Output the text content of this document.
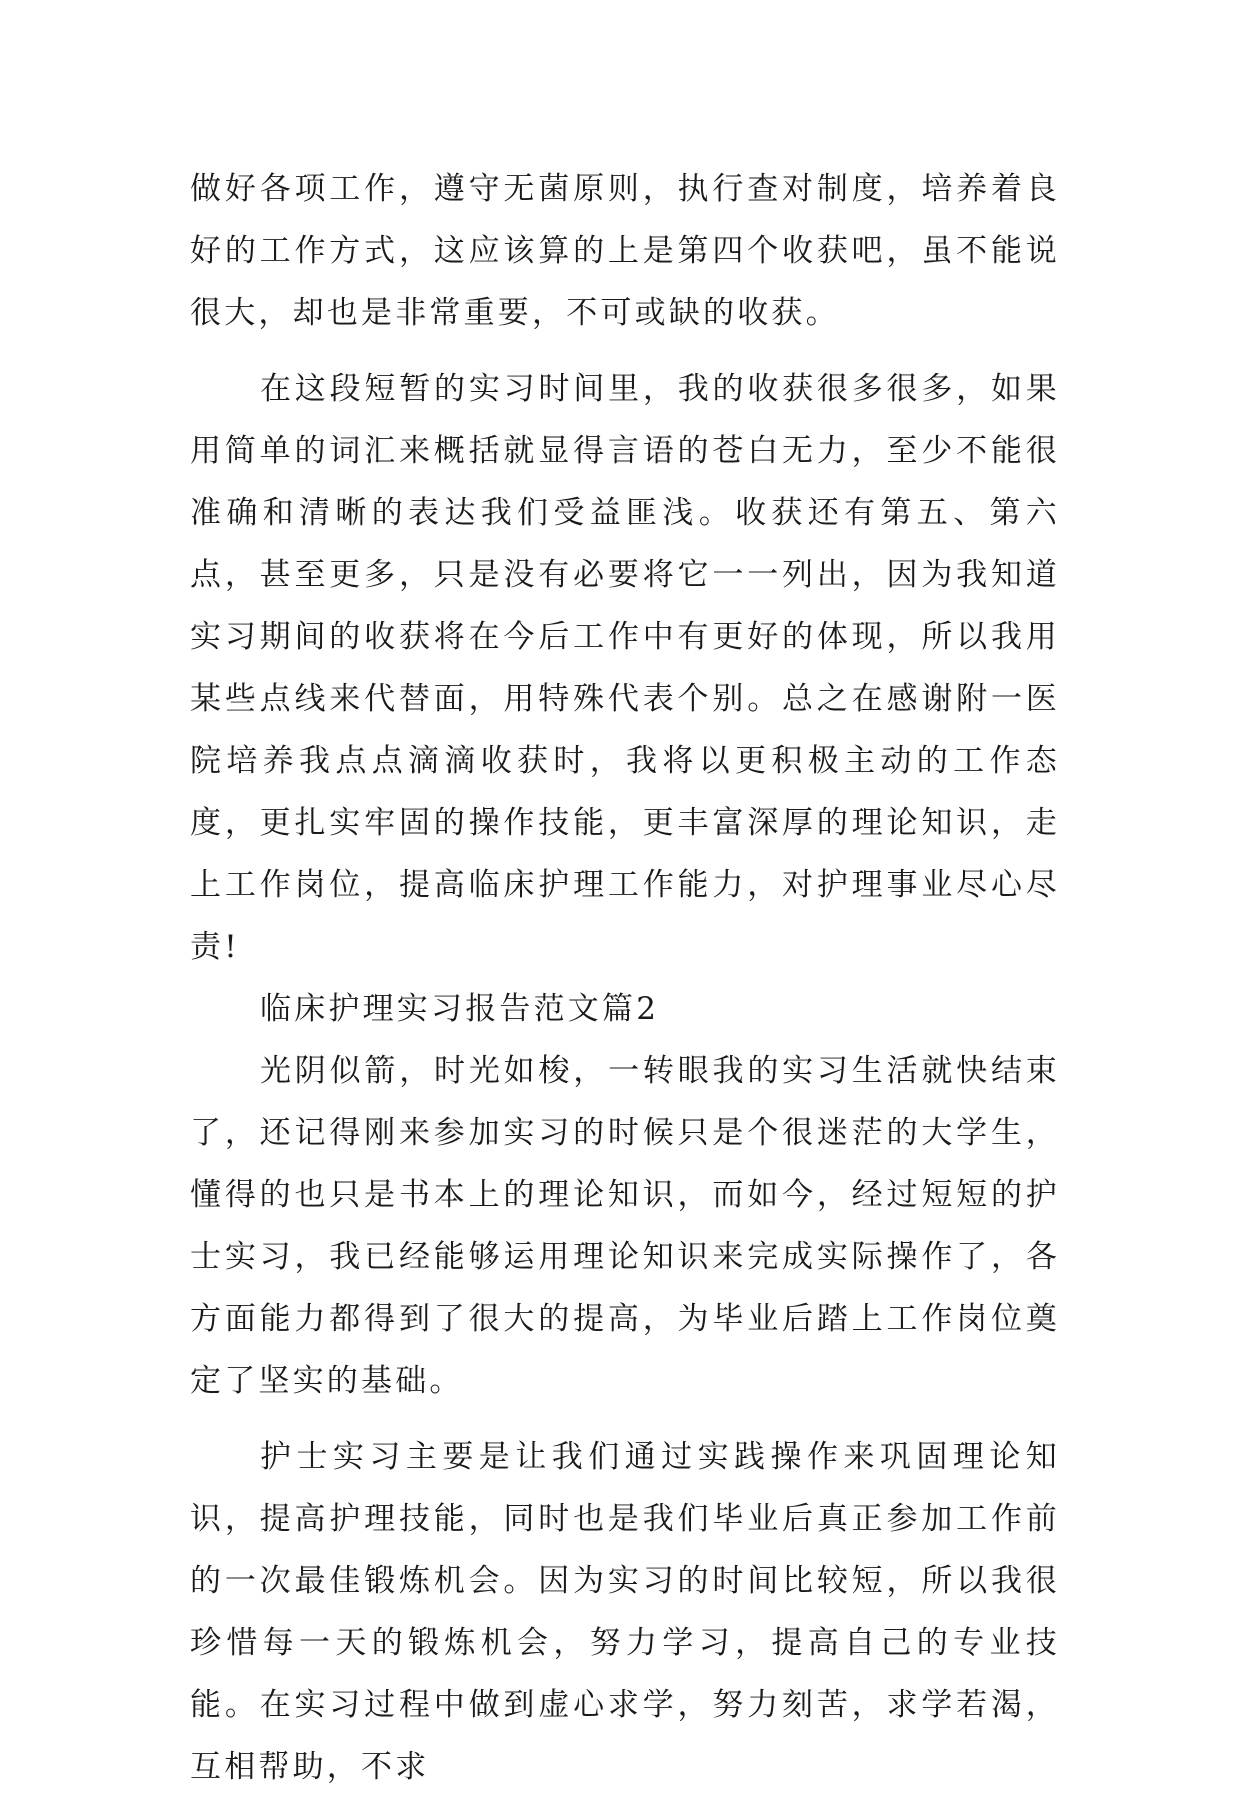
做好各项工作，遵守无菌原则，执行查对制度，培养着良好的工作方式，这应该算的上是第四个收获吧，虽不能说很大，却也是非常重要，不可或缺的收获。

在这段短暂的实习时间里，我的收获很多很多，如果用简单的词汇来概括就显得言语的苍白无力，至少不能很准确和清晰的表达我们受益匪浅。收获还有第五、第六点，甚至更多，只是没有必要将它一一列出，因为我知道实习期间的收获将在今后工作中有更好的体现，所以我用某些点线来代替面，用特殊代表个别。总之在感谢附一医院培养我点点滴滴收获时，我将以更积极主动的工作态度，更扎实牢固的操作技能，更丰富深厚的理论知识，走上工作岗位，提高临床护理工作能力，对护理事业尽心尽责!

临床护理实习报告范文篇2

光阴似箭，时光如梭，一转眼我的实习生活就快结束了，还记得刚来参加实习的时候只是个很迷茫的大学生，懂得的也只是书本上的理论知识，而如今，经过短短的护士实习，我已经能够运用理论知识来完成实际操作了，各方面能力都得到了很大的提高，为毕业后踏上工作岗位奠定了坚实的基础。

护士实习主要是让我们通过实践操作来巩固理论知识，提高护理技能，同时也是我们毕业后真正参加工作前的一次最佳锻炼机会。因为实习的时间比较短，所以我很珍惜每一天的锻炼机会，努力学习，提高自己的专业技能。在实习过程中做到虚心求学，努力刻苦，求学若渴，互相帮助，不求
